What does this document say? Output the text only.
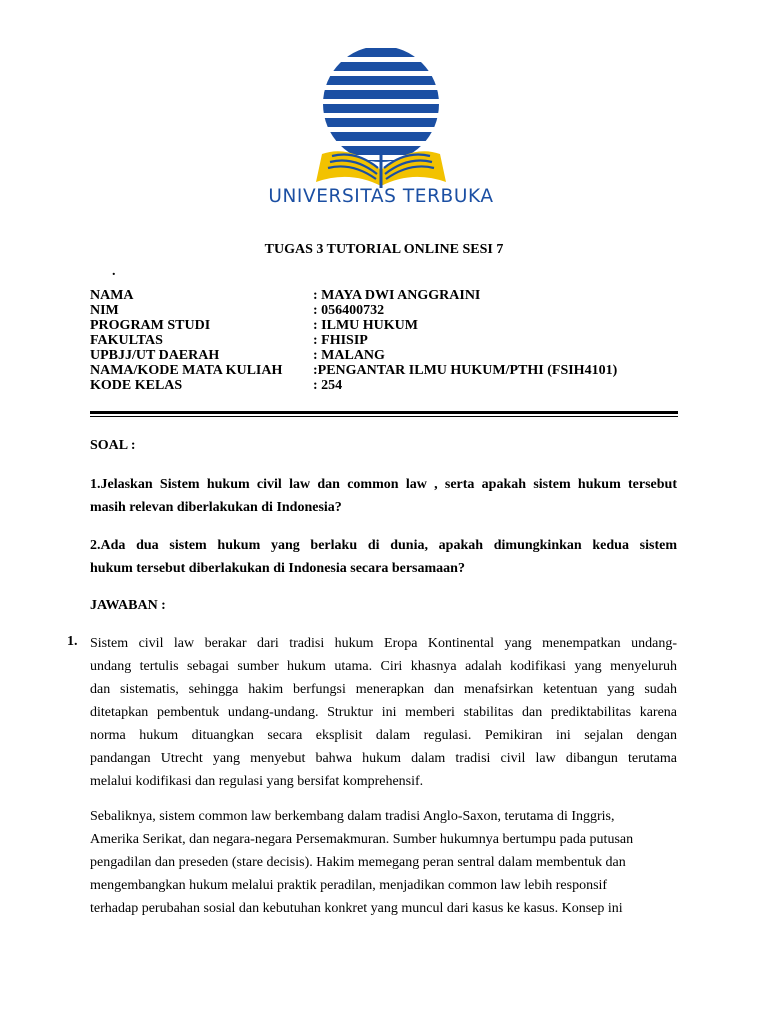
UNIVERSITAS TERBUKA
TUGAS 3 TUTORIAL ONLINE SESI 7
.
NAMA	: MAYA DWI ANGGRAINI
NIM	: 056400732
PROGRAM STUDI	: ILMU HUKUM
FAKULTAS	: FHISIP
UPBJJ/UT DAERAH	: MALANG
NAMA/KODE MATA KULIAH :PENGANTAR ILMU HUKUM/PTHI (FSIH4101)
KODE KELAS	: 254
SOAL :
1.Jelaskan Sistem hukum civil law dan common law , serta apakah sistem hukum tersebut
masih relevan diberlakukan di Indonesia?
2.Ada dua sistem hukum yang berlaku di dunia, apakah dimungkinkan kedua sistem
hukum tersebut diberlakukan di Indonesia secara bersamaan?
JAWABAN :
1. Sistem civil law berakar dari tradisi hukum Eropa Kontinental yang menempatkan undang-
undang tertulis sebagai sumber hukum utama. Ciri khasnya adalah kodifikasi yang menyeluruh
dan sistematis, sehingga hakim berfungsi menerapkan dan menafsirkan ketentuan yang sudah
ditetapkan pembentuk undang-undang. Struktur ini memberi stabilitas dan prediktabilitas karena
norma hukum dituangkan secara eksplisit dalam regulasi. Pemikiran ini sejalan dengan
pandangan Utrecht yang menyebut bahwa hukum dalam tradisi civil law dibangun terutama
melalui kodifikasi dan regulasi yang bersifat komprehensif.
Sebaliknya, sistem common law berkembang dalam tradisi Anglo-Saxon, terutama di Inggris,
Amerika Serikat, dan negara-negara Persemakmuran. Sumber hukumnya bertumpu pada putusan
pengadilan dan preseden (stare decisis). Hakim memegang peran sentral dalam membentuk dan
mengembangkan hukum melalui praktik peradilan, menjadikan common law lebih responsif
terhadap perubahan sosial dan kebutuhan konkret yang muncul dari kasus ke kasus. Konsep ini
